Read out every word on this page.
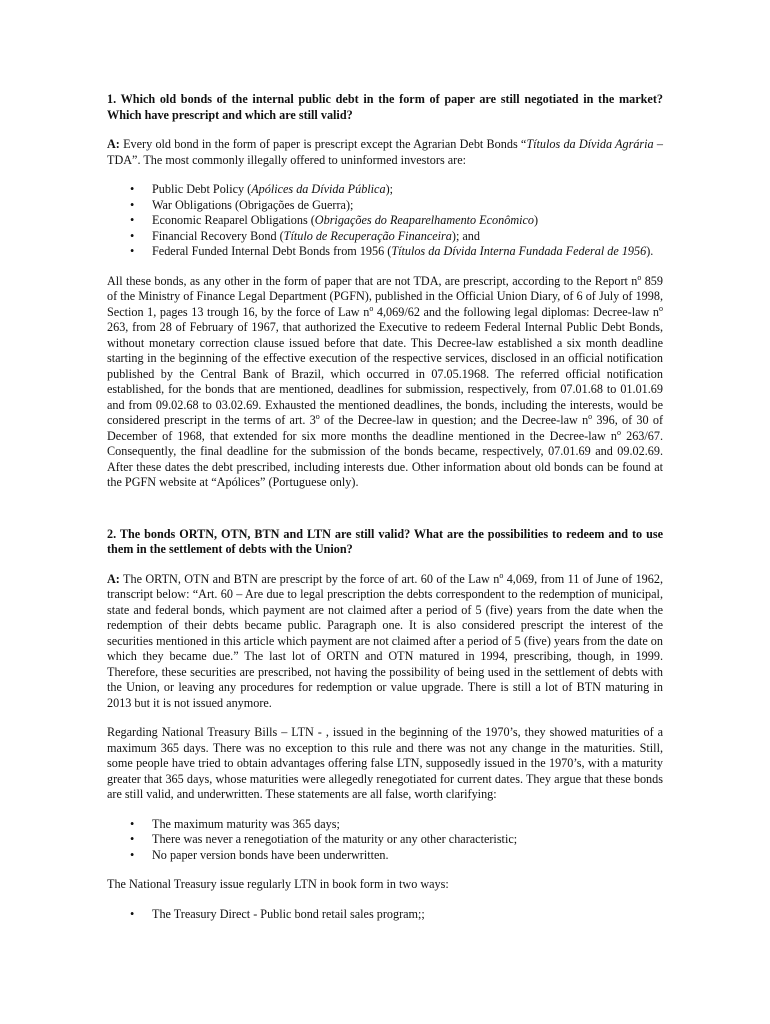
1. Which old bonds of the internal public debt in the form of paper are still negotiated in the market? Which have prescript and which are still valid?

A: Every old bond in the form of paper is prescript except the Agrarian Debt Bonds “Títulos da Dívida Agrária – TDA”. The most commonly illegally offered to uninformed investors are:

• Public Debt Policy (Apólices da Dívida Pública);
• War Obligations (Obrigações de Guerra);
• Economic Reaparel Obligations (Obrigações do Reaparelhamento Econômico)
• Financial Recovery Bond (Título de Recuperação Financeira); and
• Federal Funded Internal Debt Bonds from 1956 (Títulos da Dívida Interna Fundada Federal de 1956).

All these bonds, as any other in the form of paper that are not TDA, are prescript, according to the Report $n^o$ 859 of the Ministry of Finance Legal Department (PGFN), published in the Official Union Diary, of 6 of July of 1998, Section 1, pages 13 trough 16, by the force of Law $n^o$ 4,069/62 and the following legal diplomas: Decree-law $n^o$ 263, from 28 of February of 1967, that authorized the Executive to redeem Federal Internal Public Debt Bonds, without monetary correction clause issued before that date. This Decree-law established a six month deadline starting in the beginning of the effective execution of the respective services, disclosed in an official notification published by the Central Bank of Brazil, which occurred in 07.05.1968. The referred official notification established, for the bonds that are mentioned, deadlines for submission, respectively, from 07.01.68 to 01.01.69 and from 09.02.68 to 03.02.69. Exhausted the mentioned deadlines, the bonds, including the interests, would be considered prescript in the terms of art. 3$^o$ of the Decree-law in question; and the Decree-law $n^o$ 396, of 30 of December of 1968, that extended for six more months the deadline mentioned in the Decree-law $n^o$ 263/67. Consequently, the final deadline for the submission of the bonds became, respectively, 07.01.69 and 09.02.69. After these dates the debt prescribed, including interests due. Other information about old bonds can be found at the PGFN website at “Apólices” (Portuguese only).

2. The bonds ORTN, OTN, BTN and LTN are still valid? What are the possibilities to redeem and to use them in the settlement of debts with the Union?

A: The ORTN, OTN and BTN are prescript by the force of art. 60 of the Law $n^o$ 4,069, from 11 of June of 1962, transcript below: “Art. 60 – Are due to legal prescription the debts correspondent to the redemption of municipal, state and federal bonds, which payment are not claimed after a period of 5 (five) years from the date when the redemption of their debts became public. Paragraph one. It is also considered prescript the interest of the securities mentioned in this article which payment are not claimed after a period of 5 (five) years from the date on which they became due.” The last lot of ORTN and OTN matured in 1994, prescribing, though, in 1999. Therefore, these securities are prescribed, not having the possibility of being used in the settlement of debts with the Union, or leaving any procedures for redemption or value upgrade. There is still a lot of BTN maturing in 2013 but it is not issued anymore.

Regarding National Treasury Bills – LTN - , issued in the beginning of the 1970’s, they showed maturities of a maximum 365 days. There was no exception to this rule and there was not any change in the maturities. Still, some people have tried to obtain advantages offering false LTN, supposedly issued in the 1970’s, with a maturity greater that 365 days, whose maturities were allegedly renegotiated for current dates. They argue that these bonds are still valid, and underwritten. These statements are all false, worth clarifying:

• The maximum maturity was 365 days;
• There was never a renegotiation of the maturity or any other characteristic;
• No paper version bonds have been underwritten.

The National Treasury issue regularly LTN in book form in two ways:

• The Treasury Direct - Public bond retail sales program;;
